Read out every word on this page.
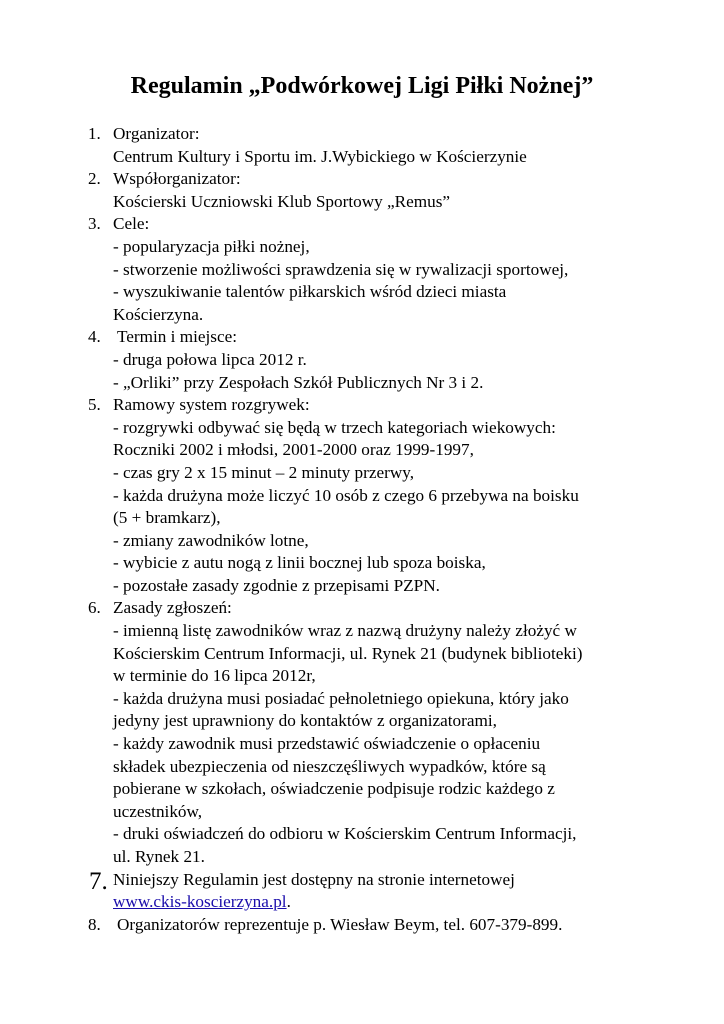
Regulamin „Podwórkowej Ligi Piłki Nożnej”
1. Organizator:
Centrum Kultury i Sportu im. J.Wybickiego w Kościerzynie
2. Współorganizator:
Kościerski Uczniowski Klub Sportowy „Remus”
3. Cele:
- popularyzacja piłki nożnej,
- stworzenie możliwości sprawdzenia się w rywalizacji sportowej,
- wyszukiwanie talentów piłkarskich wśród dzieci miasta
Kościerzyna.
4. Termin i miejsce:
- druga połowa lipca 2012 r.
- „Orliki” przy Zespołach Szkół Publicznych Nr 3 i 2.
5. Ramowy system rozgrywek:
- rozgrywki odbywać się będą w trzech kategoriach wiekowych:
Roczniki 2002 i młodsi, 2001-2000 oraz 1999-1997,
- czas gry 2 x 15 minut – 2 minuty przerwy,
- każda drużyna może liczyć 10 osób z czego 6 przebywa na boisku
(5 + bramkarz),
- zmiany zawodników lotne,
- wybicie z autu nogą z linii bocznej lub spoza boiska,
- pozostałe zasady zgodnie z przepisami PZPN.
6. Zasady zgłoszeń:
- imienną listę zawodników wraz z nazwą drużyny należy złożyć w
Kościerskim Centrum Informacji, ul. Rynek 21 (budynek biblioteki)
w terminie do 16 lipca 2012r,
- każda drużyna musi posiadać pełnoletniego opiekuna, który jako
jedyny jest uprawniony do kontaktów z organizatorami,
- każdy zawodnik musi przedstawić oświadczenie o opłaceniu
składek ubezpieczenia od nieszczęśliwych wypadków, które są
pobierane w szkołach, oświadczenie podpisuje rodzic każdego z
uczestników,
- druki oświadczeń do odbioru w Kościerskim Centrum Informacji,
ul. Rynek 21.
7. Niniejszy Regulamin jest dostępny na stronie internetowej
www.ckis-koscierzyna.pl.
8. Organizatorów reprezentuje p. Wiesław Beym, tel. 607-379-899.
